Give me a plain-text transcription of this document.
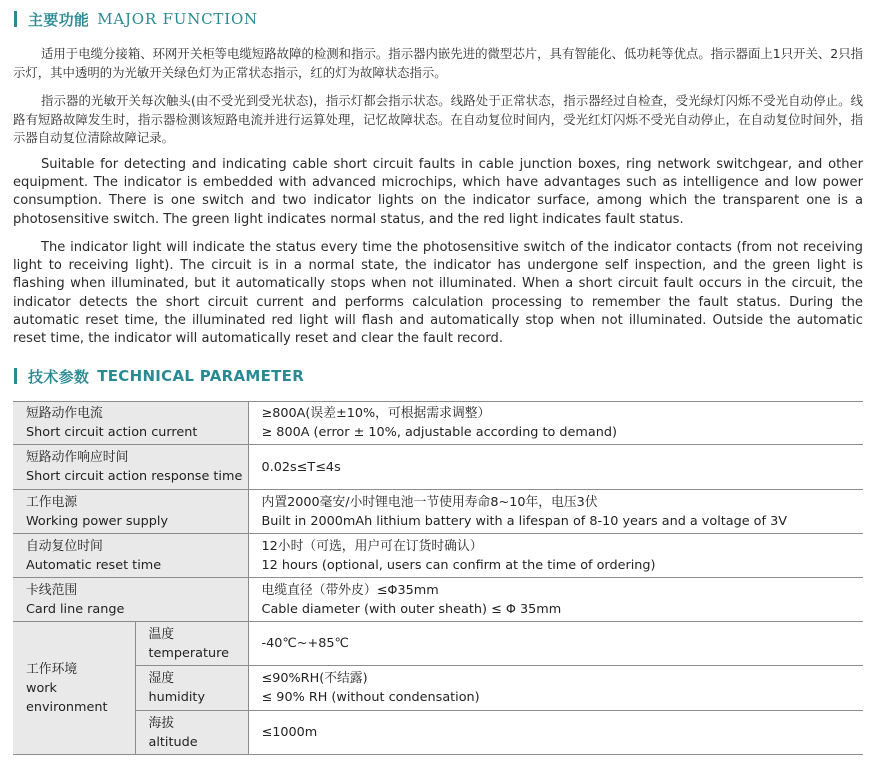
主要功能 MAJOR FUNCTION

适用于电缆分接箱、环网开关柜等电缆短路故障的检测和指示。指示器内嵌先进的微型芯片，具有智能化、低功耗等优点。指示器面上1只开关、2只指示灯，其中透明的为光敏开关绿色灯为正常状态指示，红的灯为故障状态指示。

指示器的光敏开关每次触头(由不受光到受光状态)，指示灯都会指示状态。线路处于正常状态，指示器经过自检查，受光绿灯闪烁不受光自动停止。线路有短路故障发生时，指示器检测该短路电流并进行运算处理，记忆故障状态。在自动复位时间内，受光红灯闪烁不受光自动停止，在自动复位时间外，指示器自动复位清除故障记录。

Suitable for detecting and indicating cable short circuit faults in cable junction boxes, ring network switchgear, and other equipment. The indicator is embedded with advanced microchips, which have advantages such as intelligence and low power consumption. There is one switch and two indicator lights on the indicator surface, among which the transparent one is a photosensitive switch. The green light indicates normal status, and the red light indicates fault status.

The indicator light will indicate the status every time the photosensitive switch of the indicator contacts (from not receiving light to receiving light). The circuit is in a normal state, the indicator has undergone self inspection, and the green light is flashing when illuminated, but it automatically stops when not illuminated. When a short circuit fault occurs in the circuit, the indicator detects the short circuit current and performs calculation processing to remember the fault status. During the automatic reset time, the illuminated red light will flash and automatically stop when not illuminated. Outside the automatic reset time, the indicator will automatically reset and clear the fault record.

技术参数 TECHNICAL PARAMETER
短路动作电流
Short circuit action current		≥800A(误差±10%，可根据需求调整）
≥ 800A (error ± 10%, adjustable according to demand)

短路动作响应时间
Short circuit action response time		0.02s≤T≤4s

工作电源
Working power supply		内置2000毫安/小时锂电池一节使用寿命8~10年，电压3伏
Built in 2000mAh lithium battery with a lifespan of 8-10 years and a voltage of 3V

自动复位时间
Automatic reset time		12小时（可选，用户可在订货时确认）
12 hours (optional, users can confirm at the time of ordering)

卡线范围
Card line range		电缆直径（带外皮）≤Φ35mm
Cable diameter (with outer sheath) ≤ Φ 35mm

工作环境
work
environment	温度
temperature	-40℃~+85℃

	湿度
humidity	≤90%RH(不结露)
≤ 90% RH (without condensation)

	海拔
altitude	≤1000m
